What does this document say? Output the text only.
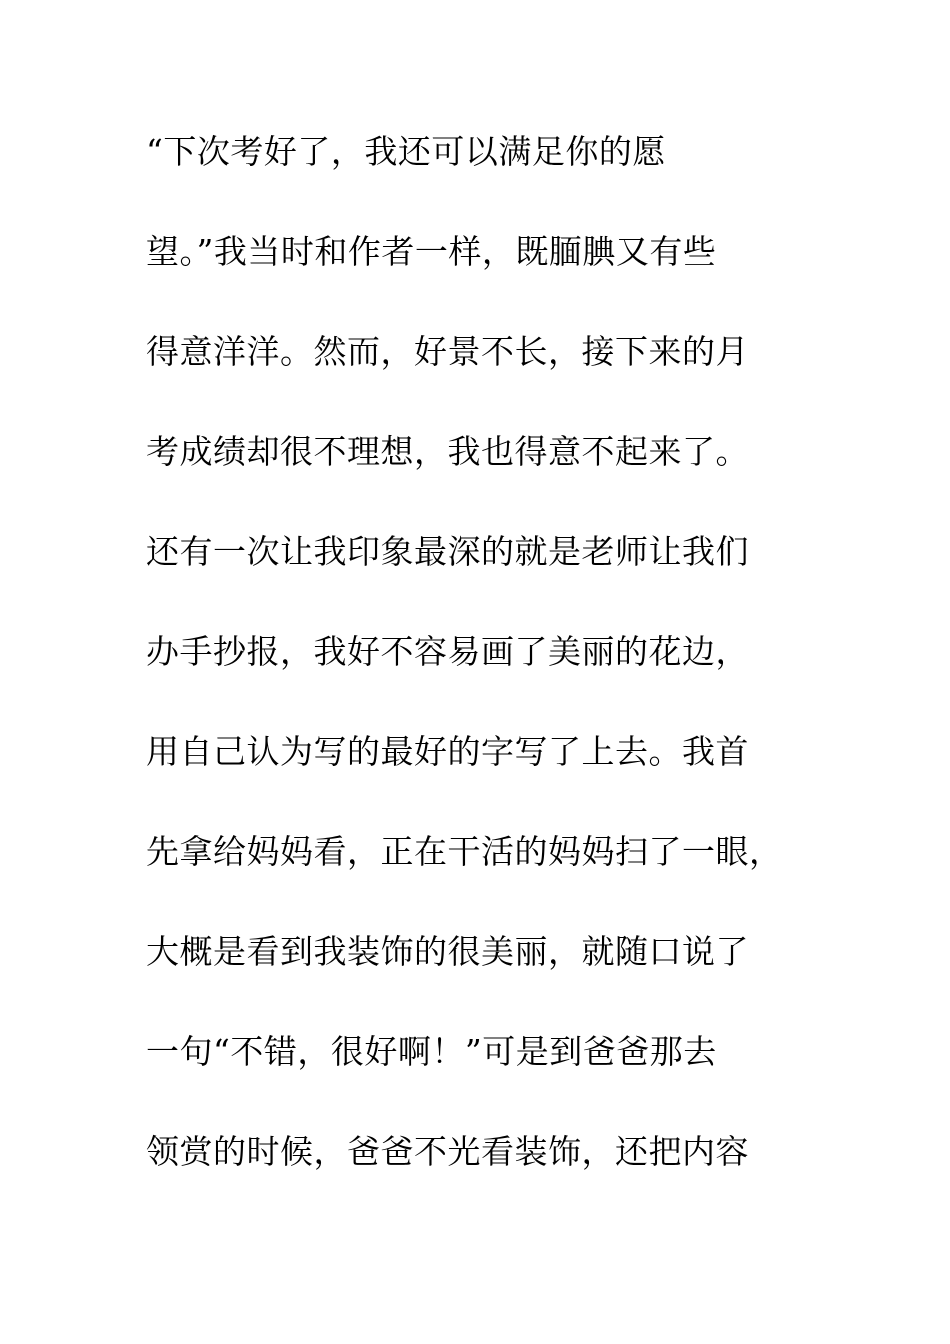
“下次考好了，我还可以满足你的愿
望。”我当时和作者一样，既腼腆又有些
得意洋洋。然而，好景不长，接下来的月
考成绩却很不理想，我也得意不起来了。
还有一次让我印象最深的就是老师让我们
办手抄报，我好不容易画了美丽的花边，
用自己认为写的最好的字写了上去。我首
先拿给妈妈看，正在干活的妈妈扫了一眼，
大概是看到我装饰的很美丽，就随口说了
一句“不错，很好啊！”可是到爸爸那去
领赏的时候，爸爸不光看装饰，还把内容
